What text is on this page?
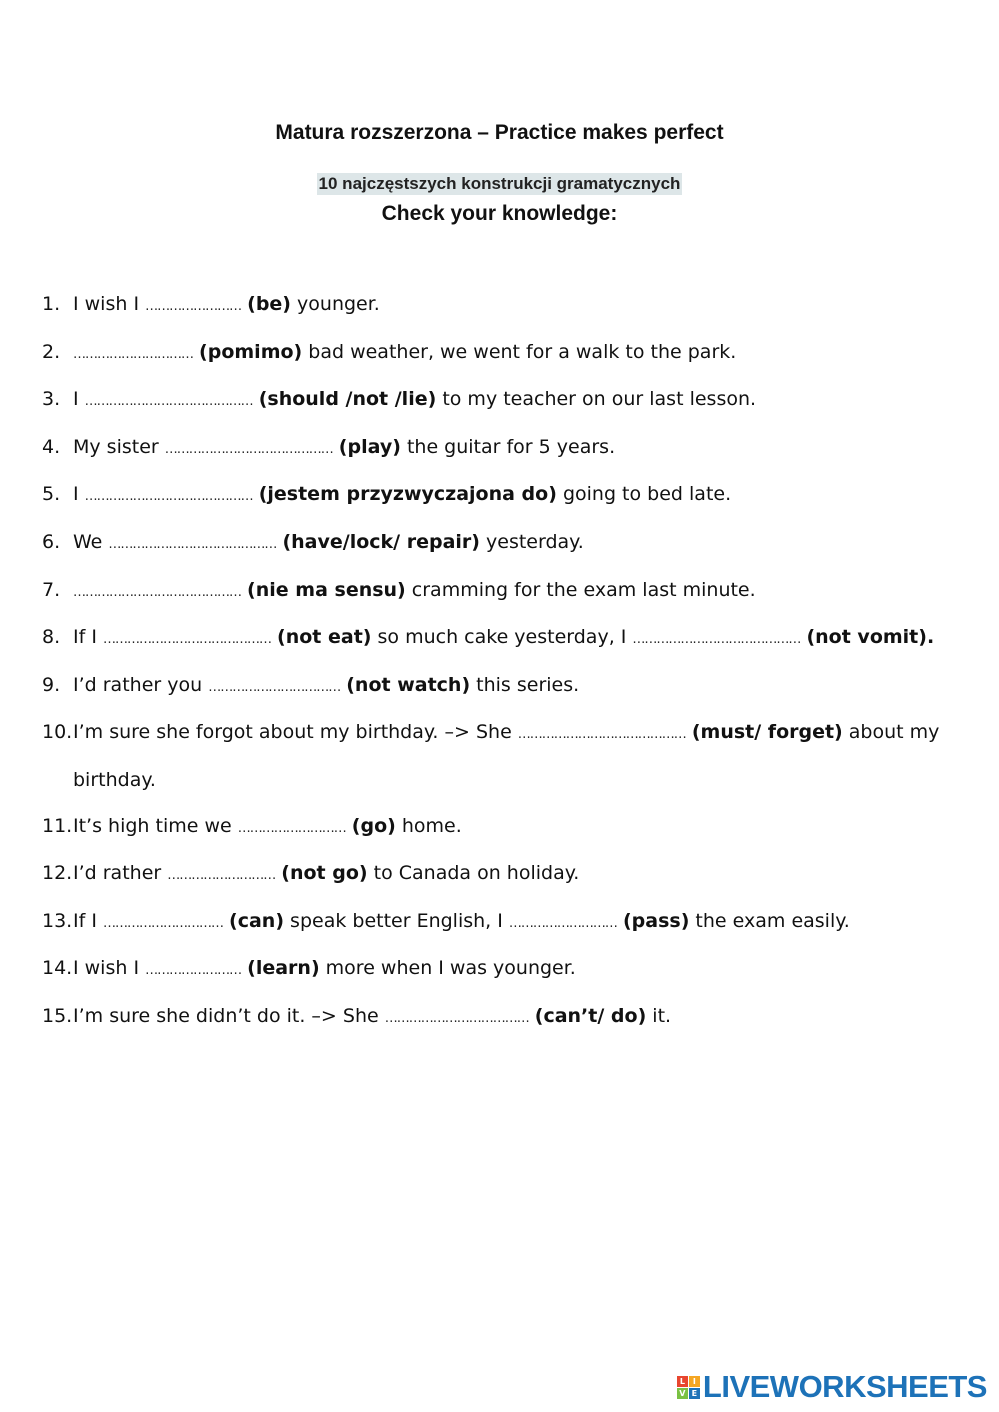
Matura rozszerzona – Practice makes perfect
10 najczęstszych konstrukcji gramatycznych
Check your knowledge:
1. I wish I …………………… (be) younger.
2. ………………………… (pomimo) bad weather, we went for a walk to the park.
3. I …………………………………… (should /not /lie) to my teacher on our last lesson.
4. My sister …………………………………… (play) the guitar for 5 years.
5. I …………………………………… (jestem przyzwyczajona do) going to bed late.
6. We …………………………………… (have/lock/ repair) yesterday.
7. …………………………………… (nie ma sensu) cramming for the exam last minute.
8. If I …………………………………… (not eat) so much cake yesterday, I …………………………………… (not vomit).
9. I’d rather you …………………………… (not watch) this series.
10. I’m sure she forgot about my birthday. –> She …………………………………… (must/ forget) about my birthday.
11. It’s high time we ……………………… (go) home.
12. I’d rather ……………………… (not go) to Canada on holiday.
13. If I ………………………… (can) speak better English, I ……………………… (pass) the exam easily.
14. I wish I …………………… (learn) more when I was younger.
15. I’m sure she didn’t do it. –> She ……………………………… (can’t/ do) it.
L I
V E LIVEWORKSHEETS
